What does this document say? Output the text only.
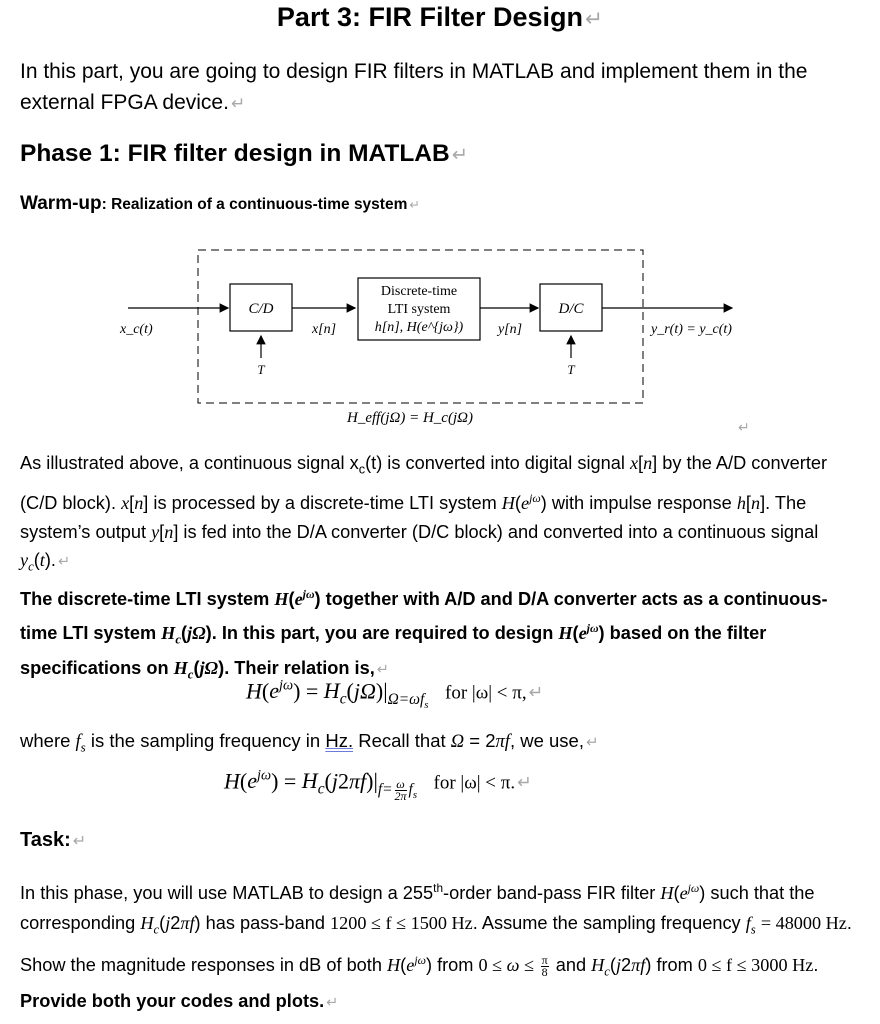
Part 3: FIR Filter Design↵
In this part, you are going to design FIR filters in MATLAB and implement them in the external FPGA device. ↵
Phase 1: FIR filter design in MATLAB ↵
Warm-up: Realization of a continuous-time system ↵
x_c(t)
C/D
T
x[n]
Discrete-time
LTI system
h[n], H(e^{jω}) y[n]
D/C
T
y_r(t) = y_c(t)
H_eff(jΩ) = H_c(jΩ)
↵
As illustrated above, a continuous signal $x_c(t)$ is converted into digital signal x[n] by the A/D converter (C/D block). x[n] is processed by a discrete-time LTI system $H(e^{j\omega})$ with impulse response h[n]. The system’s output y[n] is fed into the D/A converter (D/C block) and converted into a continuous signal $y_c(t)$. ↵
The discrete-time LTI system $H(e^{j\omega})$ together with A/D and D/A converter acts as a continuous-time LTI system $H_c(j\Omega)$. In this part, you are required to design $H(e^{j\omega})$ based on the filter specifications on $H_c(j\Omega)$. Their relation is, ↵
$H(e^{j\omega}) = H_c(j\Omega)|_{\Omega=\omega f_s}$   for |ω| < π, ↵
where $f_s$ is the sampling frequency in Hz. Recall that Ω = 2πf, we use, ↵
$H(e^{j\omega}) = H_c(j2\pi f)|_{f= \frac{\omega}{2\pi} f_s}$   for |ω| < π. ↵
Task: ↵
In this phase, you will use MATLAB to design a 255th-order band-pass FIR filter $H(e^{j\omega})$ such that the corresponding $H_c(j2\pi f)$ has pass-band 1200 ≤ f ≤ 1500 Hz. Assume the sampling frequency $f_s = 48000$ Hz. Show the magnitude responses in dB of both $H(e^{j\omega})$ from $0 \le \omega \le \frac{\pi}{8}$ and $H_c(j2\pi f)$ from 0 ≤ f ≤ 3000 Hz. Provide both your codes and plots. ↵
